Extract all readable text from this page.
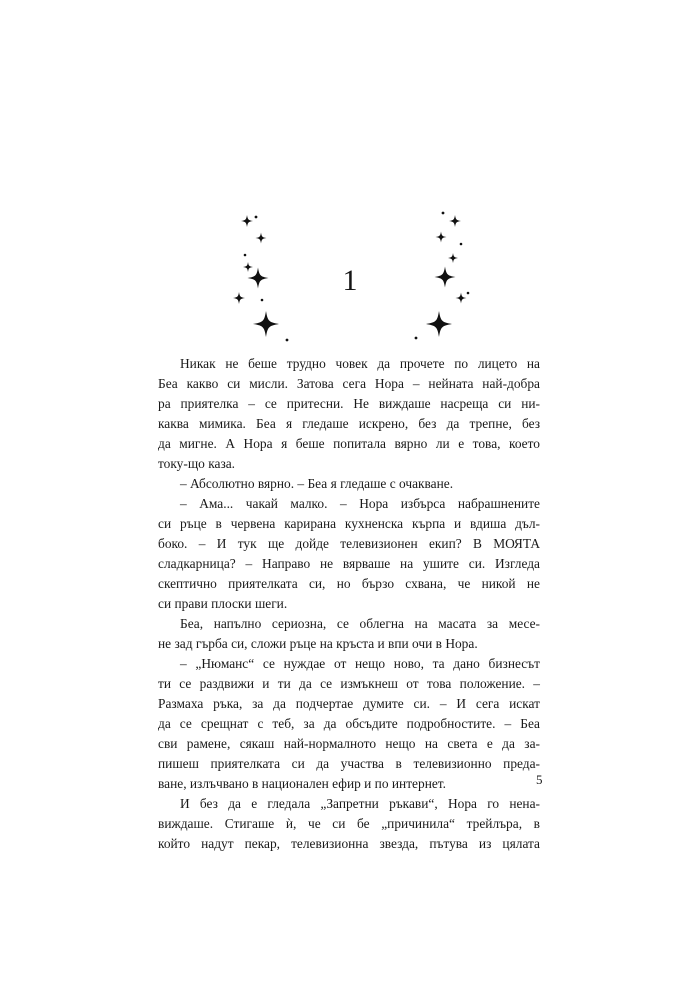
1
Никак не беше трудно човек да прочете по лицето на
Беа какво си мисли. Затова сега Нора – нейната най-добра
ра приятелка – се притесни. Не виждаше насреща си ни-
каква мимика. Беа я гледаше искрено, без да трепне, без
да мигне. А Нора я беше попитала вярно ли е това, което
току-що каза.
– Абсолютно вярно. – Беа я гледаше с очакване.
– Ама... чакай малко. – Нора избърса набрашнените
си ръце в червена карирана кухненска кърпа и вдиша дъл-
боко. – И тук ще дойде телевизионен екип? В МОЯТА
сладкарница? – Направо не вярваше на ушите си. Изгледа
скептично приятелката си, но бързо схвана, че никой не
си прави плоски шеги.
Беа, напълно сериозна, се облегна на масата за месе-
не зад гърба си, сложи ръце на кръста и впи очи в Нора.
– „Нюманс“ се нуждае от нещо ново, та дано бизнесът
ти се раздвижи и ти да се измъкнеш от това положение. –
Размаха ръка, за да подчертае думите си. – И сега искат
да се срещнат с теб, за да обсъдите подробностите. – Беа
сви рамене, сякаш най-нормалното нещо на света е да за-
пишеш приятелката си да участва в телевизионно преда-
ване, излъчвано в национален ефир и по интернет.
И без да е гледала „Запретни ръкави“, Нора го нена-
виждаше. Стигаше ѝ, че си бе „причинила“ трейлъра, в
който надут пекар, телевизионна звезда, пътува из цялата
5
